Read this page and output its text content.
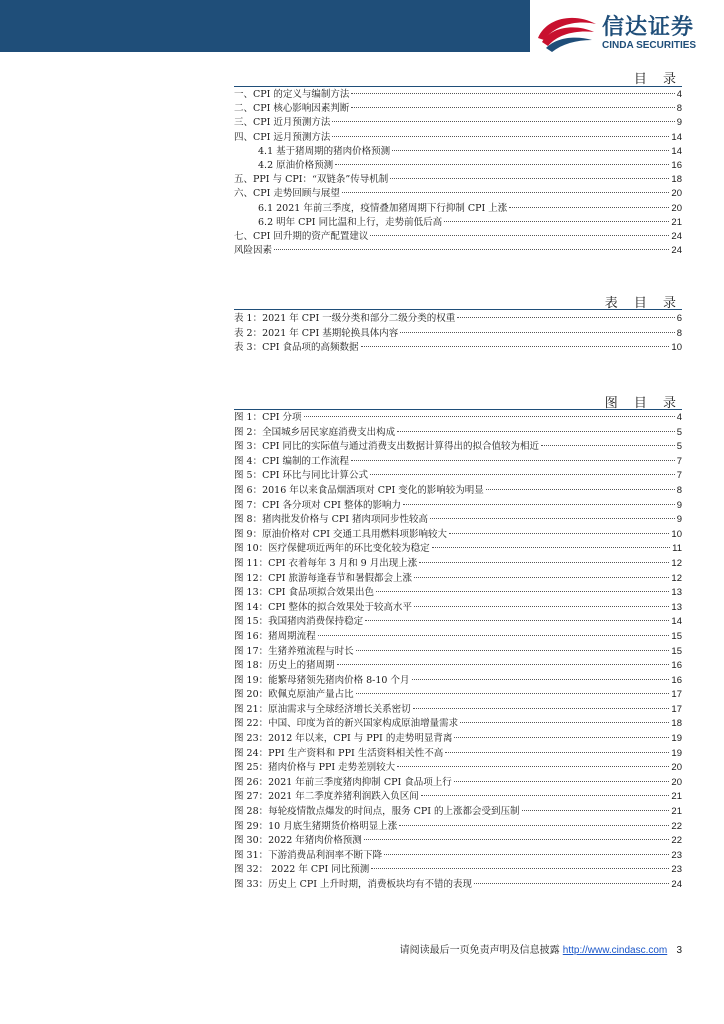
信达证券
CINDA SECURITIES
目 录
一、CPI 的定义与编制方法	4
二、CPI 核心影响因素判断	8
三、CPI 近月预测方法	9
四、CPI 远月预测方法	14
4.1 基于猪周期的猪肉价格预测	14
4.2 原油价格预测	16
五、PPI 与 CPI：“双链条”传导机制	18
六、CPI 走势回顾与展望	20
6.1 2021 年前三季度，疫情叠加猪周期下行抑制 CPI 上涨	20
6.2 明年 CPI 同比温和上行，走势前低后高	21
七、CPI 回升期的资产配置建议	24
风险因素	24
表 目 录
表 1：2021 年 CPI 一级分类和部分二级分类的权重	6
表 2：2021 年 CPI 基期轮换具体内容	8
表 3：CPI 食品项的高频数据	10
图 目 录
图 1：CPI 分项	4
图 2：全国城乡居民家庭消费支出构成	5
图 3：CPI 同比的实际值与通过消费支出数据计算得出的拟合值较为相近	5
图 4：CPI 编制的工作流程	7
图 5：CPI 环比与同比计算公式	7
图 6：2016 年以来食品烟酒项对 CPI 变化的影响较为明显	8
图 7：CPI 各分项对 CPI 整体的影响力	9
图 8：猪肉批发价格与 CPI 猪肉项同步性较高	9
图 9：原油价格对 CPI 交通工具用燃料项影响较大	10
图 10：医疗保健项近两年的环比变化较为稳定	11
图 11：CPI 衣着每年 3 月和 9 月出现上涨	12
图 12：CPI 旅游每逢春节和暑假都会上涨	12
图 13：CPI 食品项拟合效果出色	13
图 14：CPI 整体的拟合效果处于较高水平	13
图 15：我国猪肉消费保持稳定	14
图 16：猪周期流程	15
图 17：生猪养殖流程与时长	15
图 18：历史上的猪周期	16
图 19：能繁母猪领先猪肉价格 8-10 个月	16
图 20：欧佩克原油产量占比	17
图 21：原油需求与全球经济增长关系密切	17
图 22：中国、印度为首的新兴国家构成原油增量需求	18
图 23：2012 年以来，CPI 与 PPI 的走势明显背离	19
图 24：PPI 生产资料和 PPI 生活资料相关性不高	19
图 25：猪肉价格与 PPI 走势差别较大	20
图 26：2021 年前三季度猪肉抑制 CPI 食品项上行	20
图 27：2021 年二季度养猪利润跌入负区间	21
图 28：每轮疫情散点爆发的时间点，服务 CPI 的上涨都会受到压制	21
图 29：10 月底生猪期货价格明显上涨	22
图 30：2022 年猪肉价格预测	22
图 31：下游消费品利润率不断下降	23
图 32： 2022 年 CPI 同比预测	23
图 33：历史上 CPI 上升时期，消费板块均有不错的表现	24
请阅读最后一页免责声明及信息披露 http://www.cindasc.com 3
